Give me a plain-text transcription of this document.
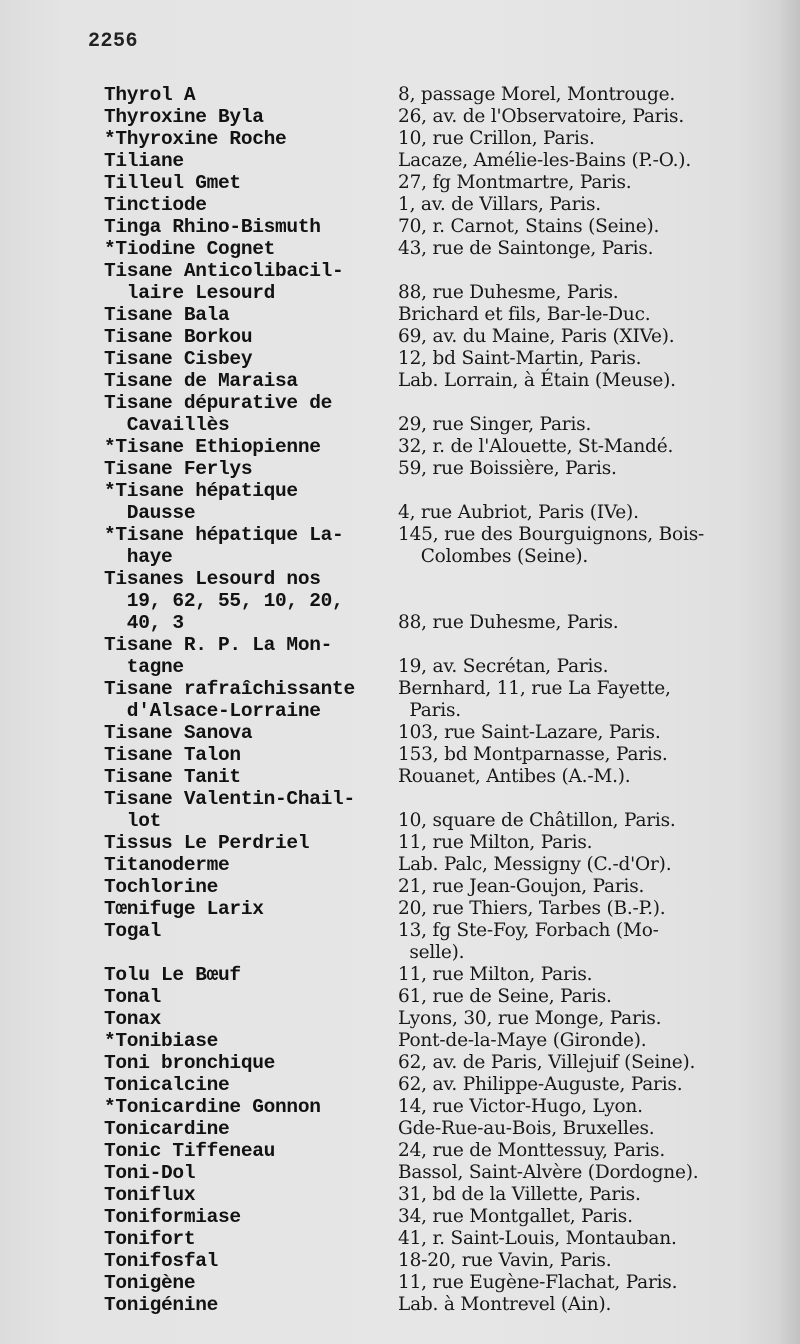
2256
Thyrol A
Thyroxine Byla
*Thyroxine Roche
Tiliane
Tilleul Gmet
Tinctiode
Tinga Rhino-Bismuth
*Tiodine Cognet
Tisane Anticolibacil-
laire Lesourd
Tisane Bala
Tisane Borkou
Tisane Cisbey
Tisane de Maraisa
Tisane dépurative de
Cavaillès
*Tisane Ethiopienne
Tisane Ferlys
*Tisane hépatique
Dausse
*Tisane hépatique La-
haye
Tisanes Lesourd nos
19, 62, 55, 10, 20,
40, 3
Tisane R. P. La Mon-
tagne
Tisane rafraîchissante
d'Alsace-Lorraine
Tisane Sanova
Tisane Talon
Tisane Tanit
Tisane Valentin-Chail-
lot
Tissus Le Perdriel
Titanoderme
Tochlorine
Tœnifuge Larix
Togal
Tolu Le Bœuf
Tonal
Tonax
*Tonibiase
Toni bronchique
Tonicalcine
*Tonicardine Gonnon
Tonicardine
Tonic Tiffeneau
Toni-Dol
Toniflux
Toniformiase
Tonifort
Tonifosfal
Tonigène
Tonigénine
8, passage Morel, Montrouge.
26, av. de l'Observatoire, Paris.
10, rue Crillon, Paris.
Lacaze, Amélie-les-Bains (P.-O.).
27, fg Montmartre, Paris.
1, av. de Villars, Paris.
70, r. Carnot, Stains (Seine).
43, rue de Saintonge, Paris.

88, rue Duhesme, Paris.
Brichard et fils, Bar-le-Duc.
69, av. du Maine, Paris (XIVe).
12, bd Saint-Martin, Paris.
Lab. Lorrain, à Étain (Meuse).

29, rue Singer, Paris.
32, r. de l'Alouette, St-Mandé.
59, rue Boissière, Paris.

4, rue Aubriot, Paris (IVe).
145, rue des Bourguignons, Bois-
Colombes (Seine).

88, rue Duhesme, Paris.

19, av. Secrétan, Paris.
Bernhard, 11, rue La Fayette,
Paris.
103, rue Saint-Lazare, Paris.
153, bd Montparnasse, Paris.
Rouanet, Antibes (A.-M.).

10, square de Châtillon, Paris.
11, rue Milton, Paris.
Lab. Palc, Messigny (C.-d'Or).
21, rue Jean-Goujon, Paris.
20, rue Thiers, Tarbes (B.-P.).
13, fg Ste-Foy, Forbach (Mo-
selle).
11, rue Milton, Paris.
61, rue de Seine, Paris.
Lyons, 30, rue Monge, Paris.
Pont-de-la-Maye (Gironde).
62, av. de Paris, Villejuif (Seine).
62, av. Philippe-Auguste, Paris.
14, rue Victor-Hugo, Lyon.
Gde-Rue-au-Bois, Bruxelles.
24, rue de Monttessuy, Paris.
Bassol, Saint-Alvère (Dordogne).
31, bd de la Villette, Paris.
34, rue Montgallet, Paris.
41, r. Saint-Louis, Montauban.
18-20, rue Vavin, Paris.
11, rue Eugène-Flachat, Paris.
Lab. à Montrevel (Ain).
